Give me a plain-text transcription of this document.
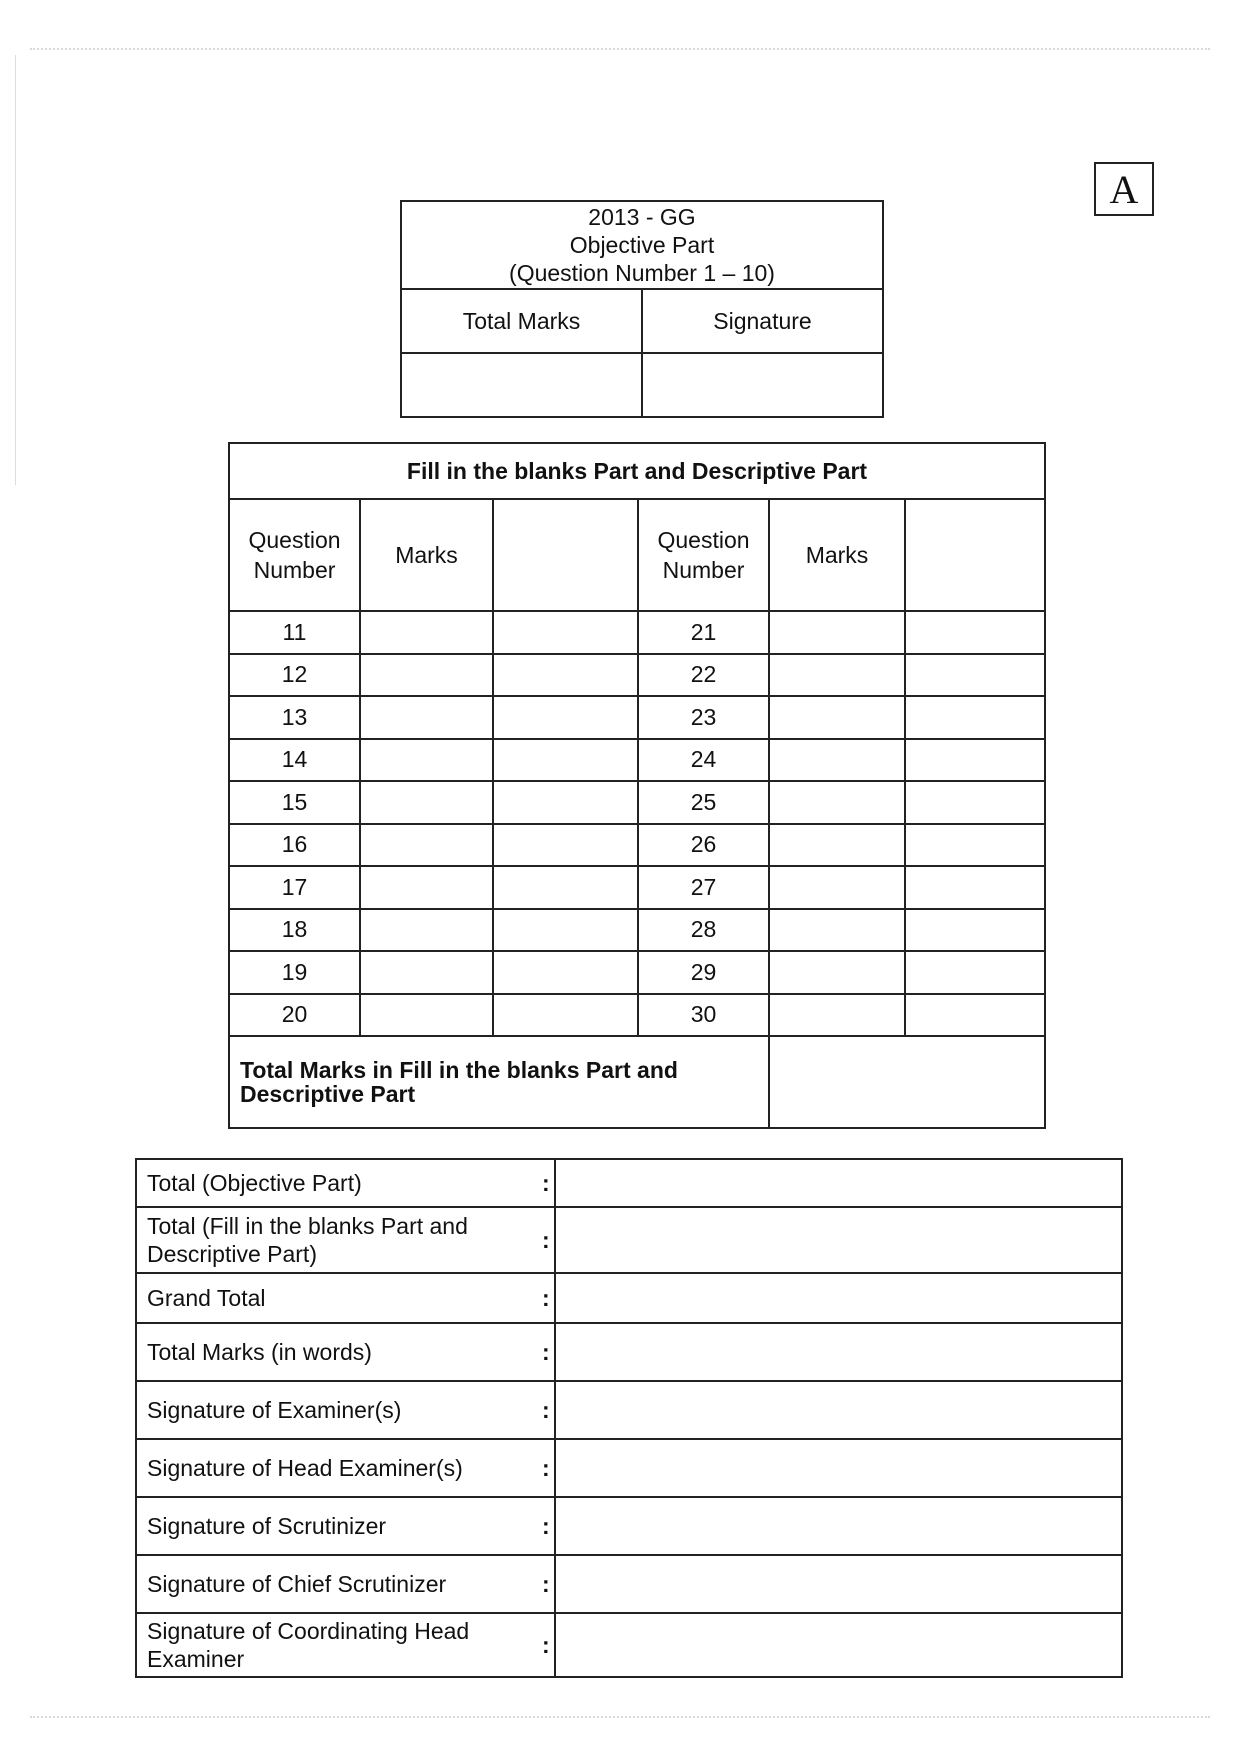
A
2013 - GG
Objective Part
(Question Number 1 – 10)	

Total Marks	Signature

Fill in the blanks Part and Descriptive Part					
Question Number	Marks		Question Number	Marks	
11			21		
12			22		
13			23		
14			24		
15			25		
16			26		
17			27		
18			28		
19			29		
20			30		
Total Marks in Fill in the blanks Part and Descriptive Part					
Total (Objective Part)	:	
Total (Fill in the blanks Part and Descriptive Part)	:	
Grand Total	:	
Total Marks (in words)	:	
Signature of Examiner(s)	:	
Signature of Head Examiner(s)	:	
Signature of Scrutinizer	:	
Signature of Chief Scrutinizer	:	
Signature of Coordinating Head Examiner	:	
